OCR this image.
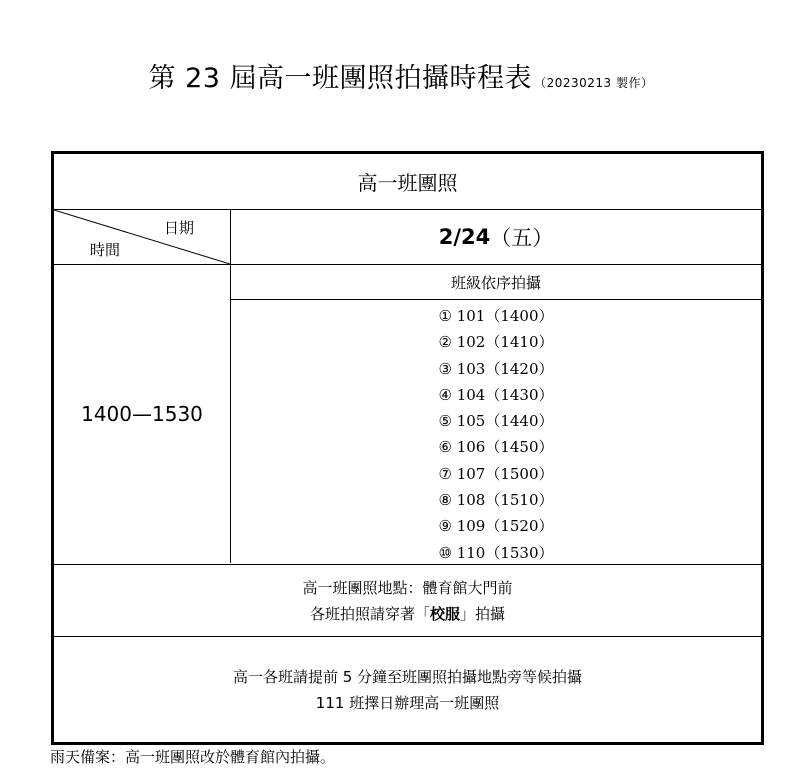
第 23 屆高一班團照拍攝時程表 （20230213 製作）
高一班團照
日期
時間
2/24 （五）
1400—1530
班級依序拍攝
① 101（1400）
② 102（1410）
③ 103（1420）
④ 104（1430）
⑤ 105（1440）
⑥ 106（1450）
⑦ 107（1500）
⑧ 108（1510）
⑨ 109（1520）
⑩ 110（1530）
高一班團照地點：體育館大門前
各班拍照請穿著「校服」拍攝
高一各班請提前 5 分鐘至班團照拍攝地點旁等候拍攝
111 班擇日辦理高一班團照
雨天備案：高一班團照改於體育館內拍攝。
